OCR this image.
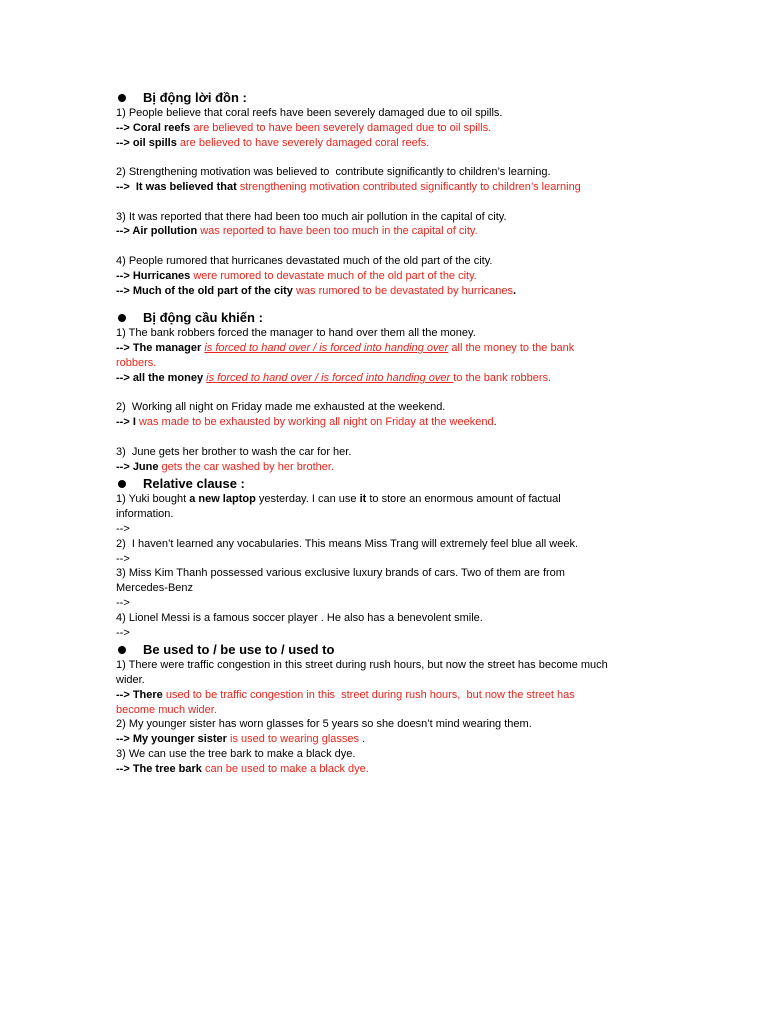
Bị động lời đồn :
1) People believe that coral reefs have been severely damaged due to oil spills.
--> Coral reefs are believed to have been severely damaged due to oil spills.
--> oil spills are believed to have severely damaged coral reefs.
2) Strengthening motivation was believed to  contribute significantly to children’s learning.
-->  It was believed that strengthening motivation contributed significantly to children’s learning
3) It was reported that there had been too much air pollution in the capital of city.
--> Air pollution was reported to have been too much in the capital of city.
4) People rumored that hurricanes devastated much of the old part of the city.
--> Hurricanes were rumored to devastate much of the old part of the city.
--> Much of the old part of the city was rumored to be devastated by hurricanes.
Bị động cầu khiến :
1) The bank robbers forced the manager to hand over them all the money.
--> The manager is forced to hand over / is forced into handing over all the money to the bank
robbers.
--> all the money is forced to hand over / is forced into handing over to the bank robbers.
2)  Working all night on Friday made me exhausted at the weekend.
--> I was made to be exhausted by working all night on Friday at the weekend.
3)  June gets her brother to wash the car for her.
--> June gets the car washed by her brother.
Relative clause :
1) Yuki bought a new laptop yesterday. I can use it to store an enormous amount of factual
information.
-->
2)  I haven’t learned any vocabularies. This means Miss Trang will extremely feel blue all week.
-->
3) Miss Kim Thanh possessed various exclusive luxury brands of cars. Two of them are from
Mercedes-Benz
-->
4) Lionel Messi is a famous soccer player . He also has a benevolent smile.
-->
Be used to / be use to / used to
1) There were traffic congestion in this street during rush hours, but now the street has become much
wider.
--> There used to be traffic congestion in this  street during rush hours,  but now the street has
become much wider.
2) My younger sister has worn glasses for 5 years so she doesn’t mind wearing them.
--> My younger sister is used to wearing glasses .
3) We can use the tree bark to make a black dye.
--> The tree bark can be used to make a black dye.
